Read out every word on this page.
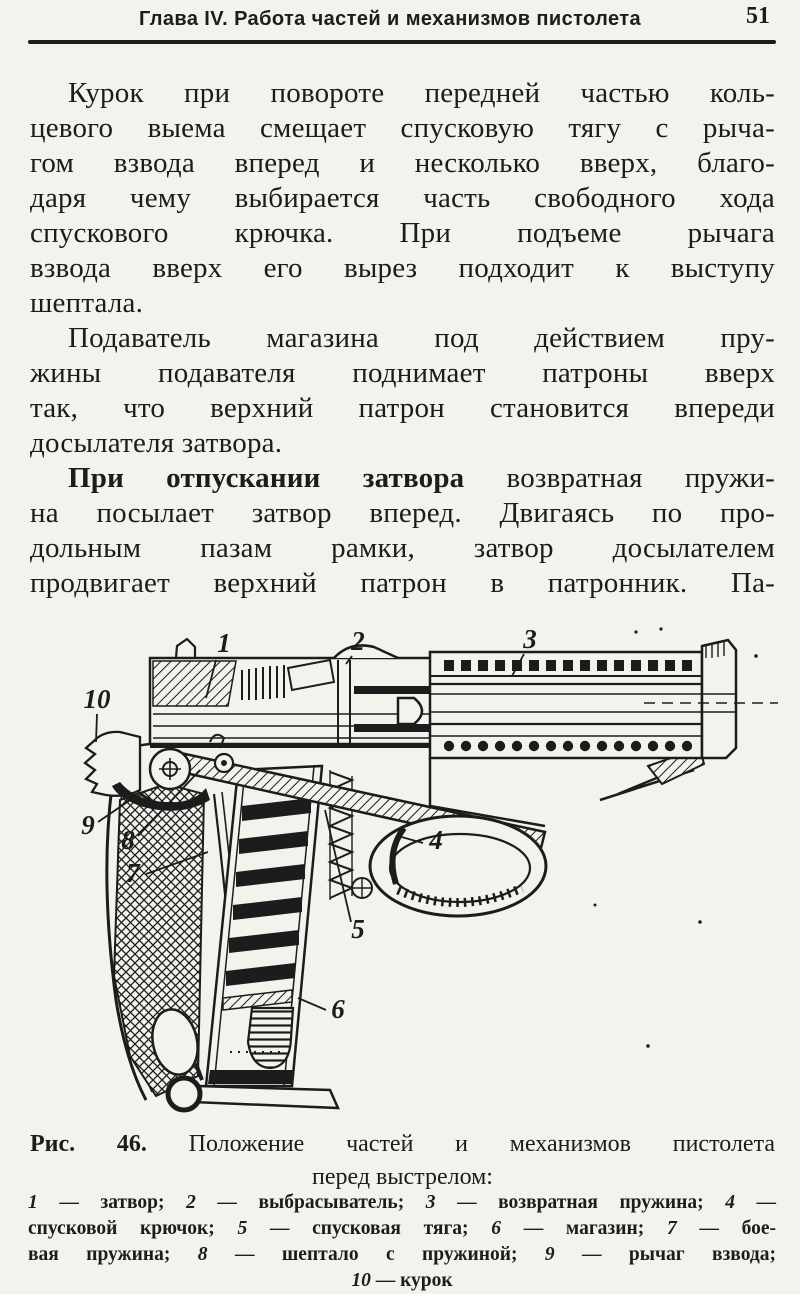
Глава IV. Работа частей и механизмов пистолета	51
Курок при повороте передней частью коль-
цевого выема смещает спусковую тягу с рыча-
гом взвода вперед и несколько вверх, благо-
даря чему выбирается часть свободного хода
спускового крючка. При подъеме рычага
взвода вверх его вырез подходит к выступу
шептала.
Подаватель магазина под действием пру-
жины подавателя поднимает патроны вверх
так, что верхний патрон становится впереди
досылателя затвора.
При отпускании затвора возвратная пружи-
на посылает затвор вперед. Двигаясь по про-
дольным пазам рамки, затвор досылателем
продвигает верхний патрон в патронник. Па-
1	2	3
10
9 8
7
4
5
6
Рис. 46. Положение частей и механизмов пистолета
перед выстрелом:
1 — затвор; 2 — выбрасыватель; 3 — возвратная пружина; 4 —
спусковой крючок; 5 — спусковая тяга; 6 — магазин; 7 — бое-
вая пружина; 8 — шептало с пружиной; 9 — рычаг взвода;
10 — курок
